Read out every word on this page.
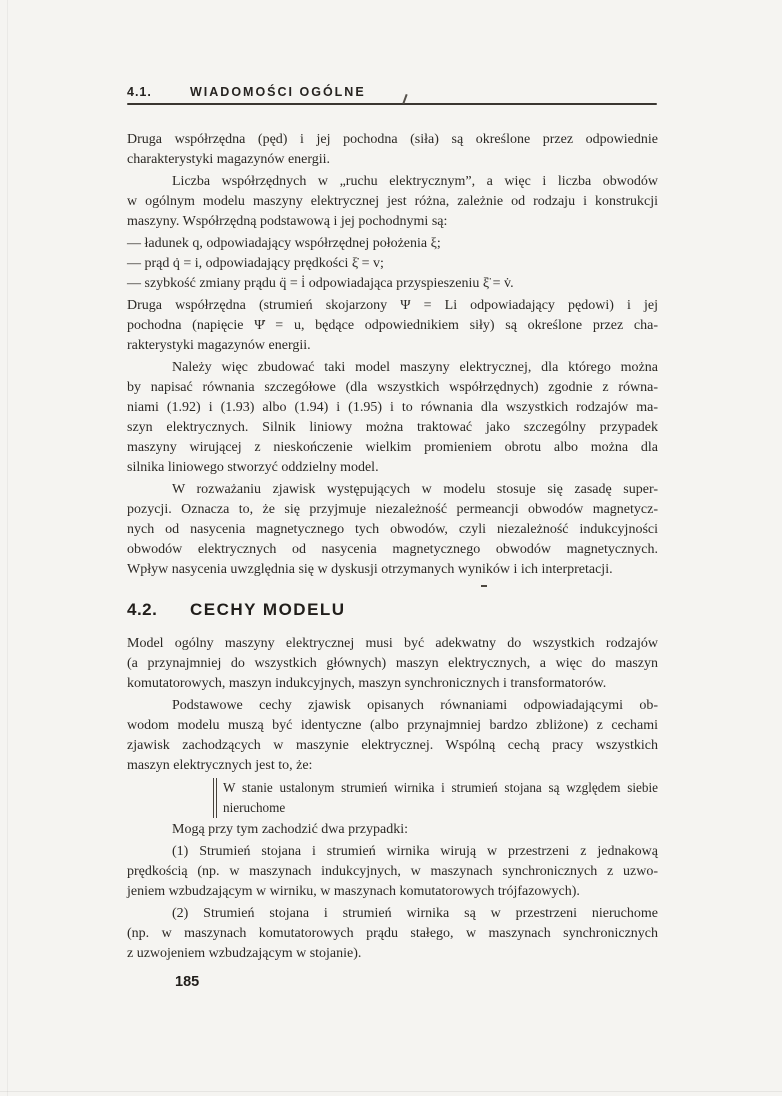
4.1.	WIADOMOŚCI OGÓLNE
Druga współrzędna (pęd) i jej pochodna (siła) są określone przez odpowiednie
charakterystyki magazynów energii.
Liczba współrzędnych w „ruchu elektrycznym”, a więc i liczba obwodów
w ogólnym modelu maszyny elektrycznej jest różna, zależnie od rodzaju i konstrukcji
maszyny. Współrzędną podstawową i jej pochodnymi są:
— ładunek q, odpowiadający współrzędnej położenia ξ;
— prąd q̇ = i, odpowiadający prędkości ξ̇ = v;
— szybkość zmiany prądu q̈ = i̇ odpowiadająca przyspieszeniu ξ̈ = v̇.
Druga współrzędna (strumień skojarzony Ψ = Li odpowiadający pędowi) i jej
pochodna (napięcie Ψ̇ = u, będące odpowiednikiem siły) są określone przez cha-
rakterystyki magazynów energii.
Należy więc zbudować taki model maszyny elektrycznej, dla którego można
by napisać równania szczegółowe (dla wszystkich współrzędnych) zgodnie z równa-
niami (1.92) i (1.93) albo (1.94) i (1.95) i to równania dla wszystkich rodzajów ma-
szyn elektrycznych. Silnik liniowy można traktować jako szczególny przypadek
maszyny wirującej z nieskończenie wielkim promieniem obrotu albo można dla
silnika liniowego stworzyć oddzielny model.
W rozważaniu zjawisk występujących w modelu stosuje się zasadę super-
pozycji. Oznacza to, że się przyjmuje niezależność permeancji obwodów magnetycz-
nych od nasycenia magnetycznego tych obwodów, czyli niezależność indukcyjności
obwodów elektrycznych od nasycenia magnetycznego obwodów magnetycznych.
Wpływ nasycenia uwzględnia się w dyskusji otrzymanych wyników i ich interpretacji.
4.2. CECHY MODELU
Model ogólny maszyny elektrycznej musi być adekwatny do wszystkich rodzajów
(a przynajmniej do wszystkich głównych) maszyn elektrycznych, a więc do maszyn
komutatorowych, maszyn indukcyjnych, maszyn synchronicznych i transformatorów.
Podstawowe cechy zjawisk opisanych równaniami odpowiadającymi ob-
wodom modelu muszą być identyczne (albo przynajmniej bardzo zbliżone) z cechami
zjawisk zachodzących w maszynie elektrycznej. Wspólną cechą pracy wszystkich
maszyn elektrycznych jest to, że:
W stanie ustalonym strumień wirnika i strumień stojana są względem siebie
nieruchome
Mogą przy tym zachodzić dwa przypadki:
(1) Strumień stojana i strumień wirnika wirują w przestrzeni z jednakową
prędkością (np. w maszynach indukcyjnych, w maszynach synchronicznych z uzwo-
jeniem wzbudzającym w wirniku, w maszynach komutatorowych trójfazowych).
(2) Strumień stojana i strumień wirnika są w przestrzeni nieruchome
(np. w maszynach komutatorowych prądu stałego, w maszynach synchronicznych
z uzwojeniem wzbudzającym w stojanie).
185
